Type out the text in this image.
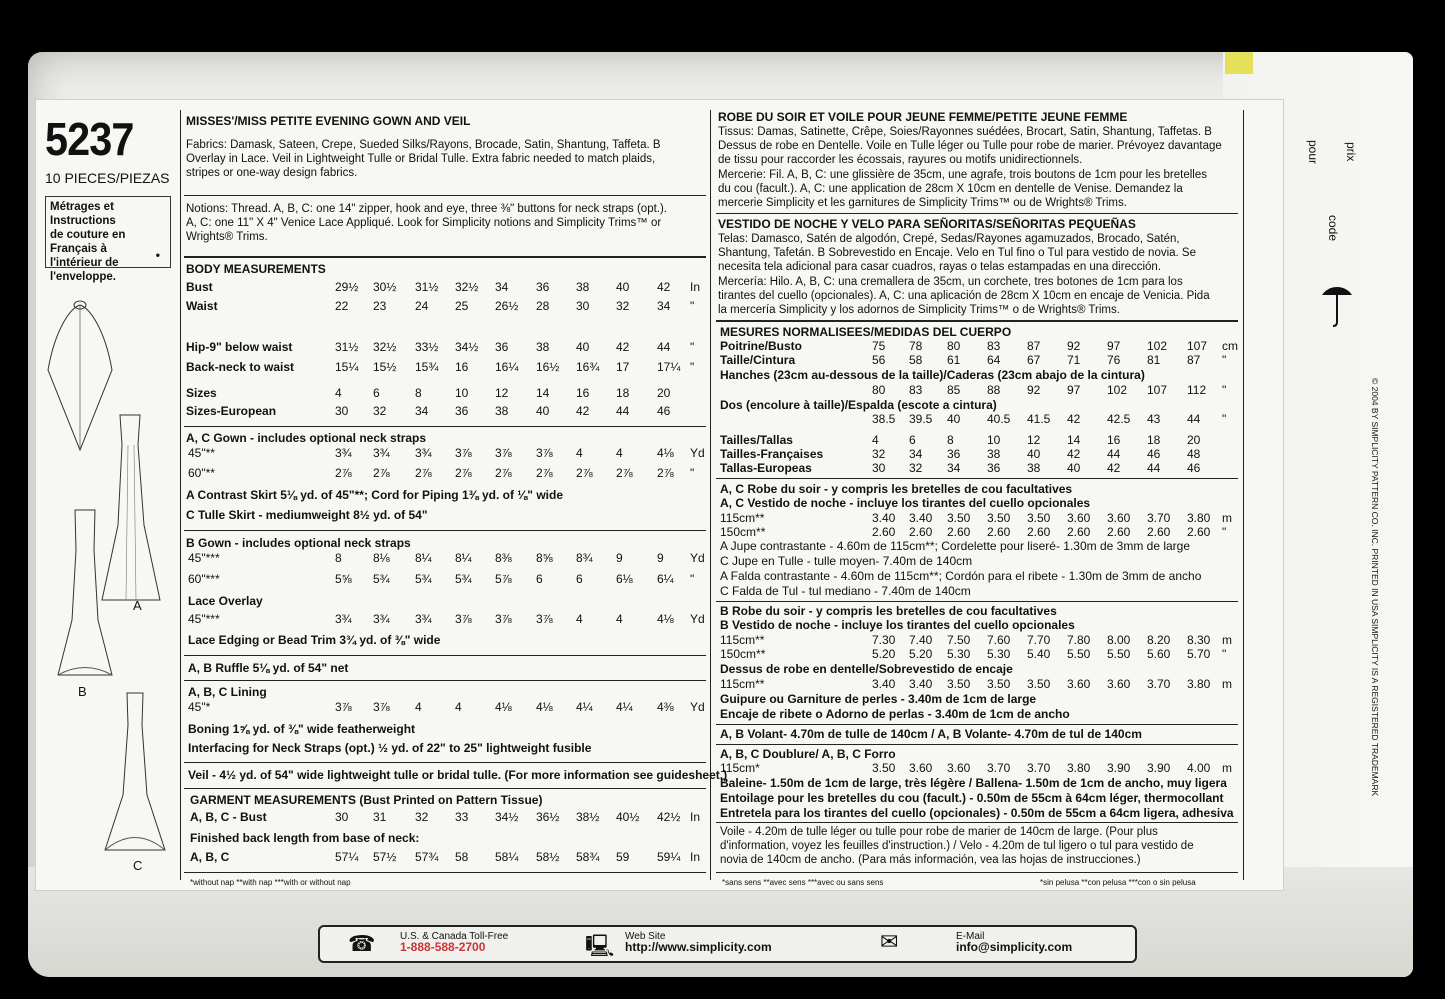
5237
10 PIECES/PIEZAS
Métrages et Instructions
de couture en Français à
l'intérieur de
l'enveloppe.
•
A
B
C
MISSES'/MISS PETITE EVENING GOWN AND VEIL
Fabrics: Damask, Sateen, Crepe, Sueded Silks/Rayons, Brocade, Satin, Shantung, Taffeta. B
Overlay in Lace. Veil in Lightweight Tulle or Bridal Tulle. Extra fabric needed to match plaids,
stripes or one-way design fabrics.
Notions: Thread. A, B, C: one 14" zipper, hook and eye, three ⅜" buttons for neck straps (opt.).
A, C: one 11" X 4" Venice Lace Appliqué. Look for Simplicity notions and Simplicity Trims™ or
Wrights® Trims.
BODY MEASUREMENTS
Bust	29½ 30½ 31½ 32½ 34 36 38 40 42 In
Waist	22 23 24 25 26½ 28 30 32 34 "
Hip-9" below waist	31½ 32½ 33½ 34½ 36 38 40 42 44 "
Back-neck to waist	15¼ 15½ 15¾ 16 16¼ 16½ 16¾ 17 17¼ "
Sizes	4	6	8	10 12 14 16 18 20
Sizes-European	30 32 34 36 38 40 42 44 46
A, C Gown - includes optional neck straps
45"**	3¾ 3¾ 3¾ 3⅞ 3⅞ 3⅞ 4	4	4⅛ Yd
60"**	2⅞ 2⅞ 2⅞ 2⅞ 2⅞ 2⅞ 2⅞ 2⅞ 2⅞ "
A Contrast Skirt 5⅛ yd. of 45"**; Cord for Piping 1⅜ yd. of ⅛" wide
C Tulle Skirt - mediumweight 8½ yd. of 54"
B Gown - includes optional neck straps
45"***	8	8⅛ 8¼ 8¼ 8⅜ 8⅝ 8¾ 9	9 Yd
60"***	5⅝ 5¾ 5¾ 5¾ 5⅞ 6	6	6⅛ 6¼ "
Lace Overlay
45"***	3¾ 3¾ 3¾ 3⅞ 3⅞ 3⅞ 4	4	4⅛ Yd
Lace Edging or Bead Trim 3¾ yd. of ⅜" wide
A, B Ruffle 5⅛ yd. of 54" net
A, B, C Lining
45"*	3⅞ 3⅞ 4	4	4⅛ 4⅛ 4¼ 4¼ 4⅜ Yd
Boning 1⅝ yd. of ⅜" wide featherweight
Interfacing for Neck Straps (opt.) ½ yd. of 22" to 25" lightweight fusible
Veil - 4½ yd. of 54" wide lightweight tulle or bridal tulle. (For more information see guidesheet.)
GARMENT MEASUREMENTS (Bust Printed on Pattern Tissue)
A, B, C - Bust	30 31 32 33 34½ 36½ 38½ 40½ 42½ In
Finished back length from base of neck:
A, B, C	57¼ 57½ 57¾ 58 58¼ 58½ 58¾ 59 59¼ In
*without nap **with nap ***with or without nap
ROBE DU SOIR ET VOILE POUR JEUNE FEMME/PETITE JEUNE FEMME
Tissus: Damas, Satinette, Crêpe, Soies/Rayonnes suédées, Brocart, Satin, Shantung, Taffetas. B
Dessus de robe en Dentelle. Voile en Tulle léger ou Tulle pour robe de marier. Prévoyez davantage
de tissu pour raccorder les écossais, rayures ou motifs unidirectionnels.
Mercerie: Fil. A, B, C: une glissière de 35cm, une agrafe, trois boutons de 1cm pour les bretelles
du cou (facult.). A, C: une application de 28cm X 10cm en dentelle de Venise. Demandez la
mercerie Simplicity et les garnitures de Simplicity Trims™ ou de Wrights® Trims.
VESTIDO DE NOCHE Y VELO PARA SEÑORITAS/SEÑORITAS PEQUEÑAS
Telas: Damasco, Satén de algodón, Crepé, Sedas/Rayones agamuzados, Brocado, Satén,
Shantung, Tafetán. B Sobrevestido en Encaje. Velo en Tul fino o Tul para vestido de novia. Se
necesita tela adicional para casar cuadros, rayas o telas estampadas en una dirección.
Mercería: Hilo. A, B, C: una cremallera de 35cm, un corchete, tres botones de 1cm para los
tirantes del cuello (opcionales). A, C: una aplicación de 28cm X 10cm en encaje de Venicia. Pida
la mercería Simplicity y los adornos de Simplicity Trims™ o de Wrights® Trims.
MESURES NORMALISEES/MEDIDAS DEL CUERPO
Poitrine/Busto	75 78 80 83 87 92 97 102 107 cm
Taille/Cintura	56 58 61 64 67 71 76 81 87 "
Hanches (23cm au-dessous de la taille)/Caderas (23cm abajo de la cintura)
80 83 85 88 92 97 102 107 112 "
Dos (encolure à taille)/Espalda (escote a cintura)
38.5 39.5 40 40.5 41.5 42 42.5 43 44 "
Tailles/Tallas	4	6	8	10 12 14 16 18 20
Tailles-Françaises	32 34 36 38 40 42 44 46 48
Tallas-Europeas	30 32 34 36 38 40 42 44 46
A, C Robe du soir - y compris les bretelles de cou facultatives
A, C Vestido de noche - incluye los tirantes del cuello opcionales
115cm**	3.40 3.40 3.50 3.50 3.50 3.60 3.60 3.70 3.80 m
150cm**	2.60 2.60 2.60 2.60 2.60 2.60 2.60 2.60 2.60 "
A Jupe contrastante - 4.60m de 115cm**; Cordelette pour liseré- 1.30m de 3mm de large
C Jupe en Tulle - tulle moyen- 7.40m de 140cm
A Falda contrastante - 4.60m de 115cm**; Cordón para el ribete - 1.30m de 3mm de ancho
C Falda de Tul - tul mediano - 7.40m de 140cm
B Robe du soir - y compris les bretelles de cou facultatives
B Vestido de noche - incluye los tirantes del cuello opcionales
115cm**	7.30 7.40 7.50 7.60 7.70 7.80 8.00 8.20 8.30 m
150cm**	5.20 5.20 5.30 5.30 5.40 5.50 5.50 5.60 5.70 "
Dessus de robe en dentelle/Sobrevestido de encaje
115cm**	3.40 3.40 3.50 3.50 3.50 3.60 3.60 3.70 3.80 m
Guipure ou Garniture de perles - 3.40m de 1cm de large
Encaje de ribete o Adorno de perlas - 3.40m de 1cm de ancho
A, B Volant- 4.70m de tulle de 140cm / A, B Volante- 4.70m de tul de 140cm
A, B, C Doublure/ A, B, C Forro
115cm*	3.50 3.60 3.60 3.70 3.70 3.80 3.90 3.90 4.00 m
Baleine- 1.50m de 1cm de large, très légère / Ballena- 1.50m de 1cm de ancho, muy ligera
Entoilage pour les bretelles du cou (facult.) - 0.50m de 55cm à 64cm léger, thermocollant
Entretela para los tirantes del cuello (opcionales) - 0.50m de 55cm a 64cm ligera, adhesiva
Voile - 4.20m de tulle léger ou tulle pour robe de marier de 140cm de large. (Pour plus
d'information, voyez les feuilles d'instruction.) / Velo - 4.20m de tul ligero o tul para vestido de
novia de 140cm de ancho. (Para más información, vea las hojas de instrucciones.)
*sans sens **avec sens ***avec ou sans sens	*sin pelusa **con pelusa ***con o sin pelusa
☎ U.S. & Canada Toll-Free
1-888-588-2700	🖳 Web Site
http://www.simplicity.com	✉	E-Mail
info@simplicity.com
© 2004 BY SIMPLICITY PATTERN CO. INC. PRINTED IN USA SIMPLICITY IS A REGISTERED TRADEMARK
code
pour prix
